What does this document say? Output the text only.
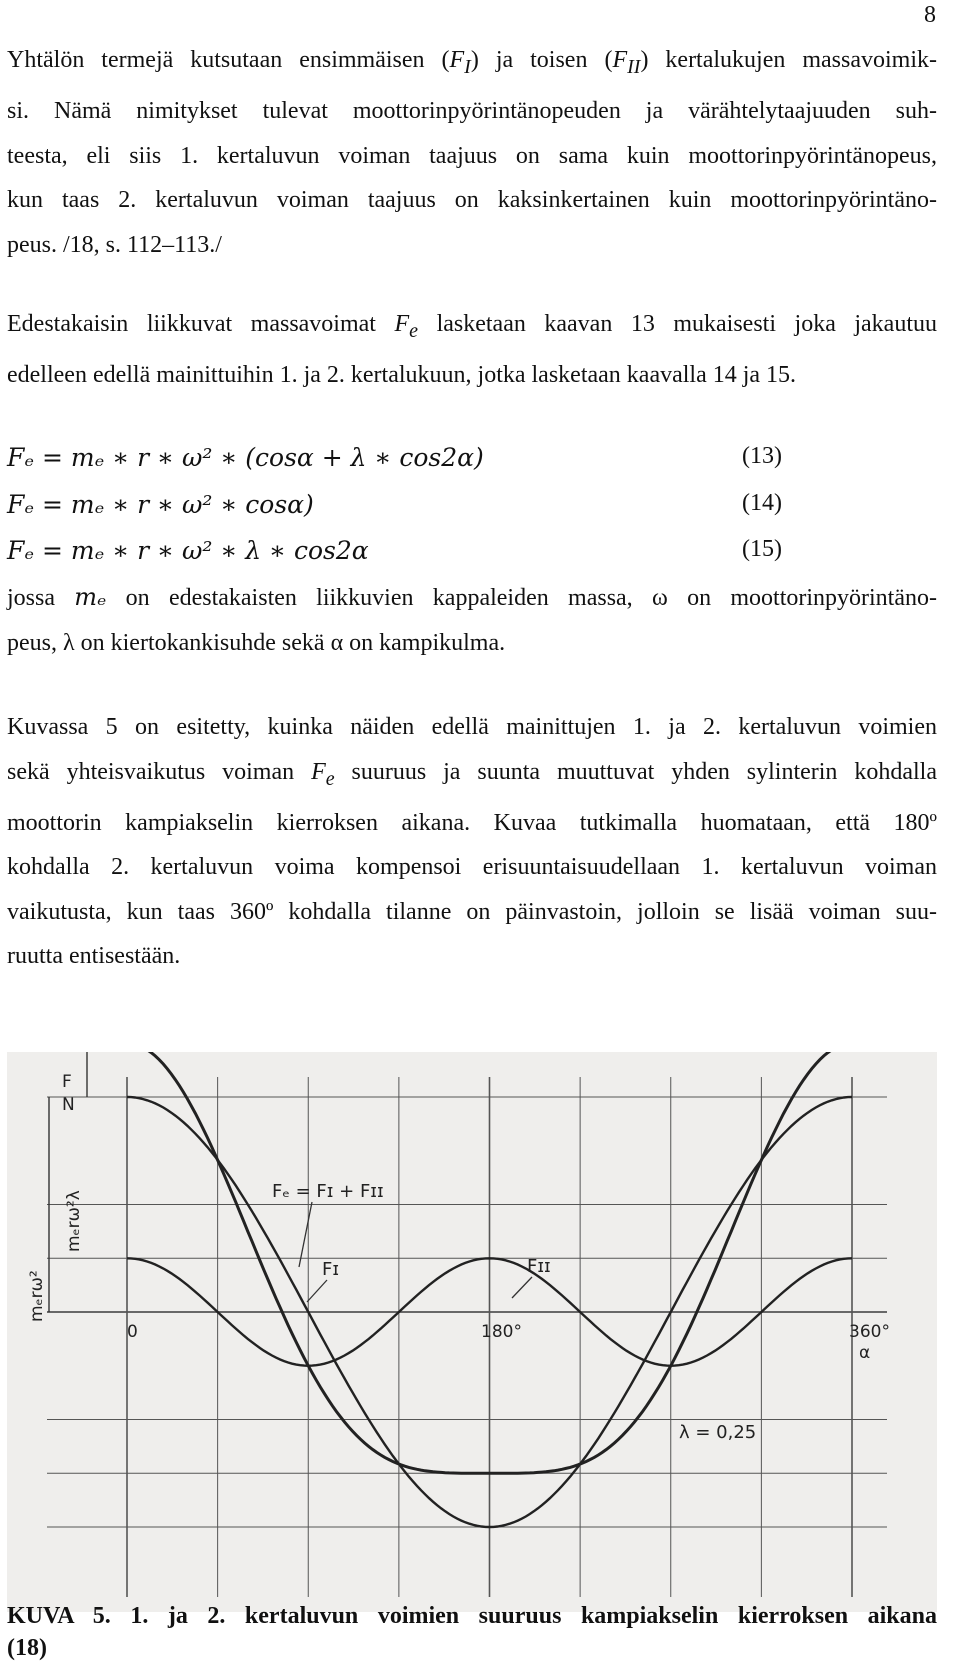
8
Yhtälön termejä kutsutaan ensimmäisen $(F_I)$ ja toisen $(F_{II})$ kertalukujen massavoimik-
si. Nämä nimitykset tulevat moottorinpyörintänopeuden ja värähtelytaajuuden suh-
teesta, eli siis 1. kertaluvun voiman taajuus on sama kuin moottorinpyörintänopeus,
kun taas 2. kertaluvun voiman taajuus on kaksinkertainen kuin moottorinpyörintäno-
peus. /18, s. 112–113./
Edestakaisin liikkuvat massavoimat $F_e$ lasketaan kaavan 13 mukaisesti joka jakautuu
edelleen edellä mainittuihin 1. ja 2. kertalukuun, jotka lasketaan kaavalla 14 ja 15.
Fₑ = mₑ ∗ r ∗ ω² ∗ (cosα + λ ∗ cos2α)	(13)
Fₑ = mₑ ∗ r ∗ ω² ∗ cosα)	(14)
Fₑ = mₑ ∗ r ∗ ω² ∗ λ ∗ cos2α	(15)
jossa mₑ on edestakaisten liikkuvien kappaleiden massa, ω on moottorinpyörintäno-
peus, λ on kiertokankisuhde sekä α on kampikulma.
Kuvassa 5 on esitetty, kuinka näiden edellä mainittujen 1. ja 2. kertaluvun voimien
sekä yhteisvaikutus voiman $F_e$ suuruus ja suunta muuttuvat yhden sylinterin kohdalla
moottorin kampiakselin kierroksen aikana. Kuvaa tutkimalla huomataan, että 180º
kohdalla 2. kertaluvun voima kompensoi erisuuntaisuudellaan 1. kertaluvun voiman
vaikutusta, kun taas 360º kohdalla tilanne on päinvastoin, jolloin se lisää voiman suu-
ruutta entisestään.
F
N
mₑrω²
mₑrω²λ	Fₑ = Fɪ + Fɪɪ
Fɪ	Fɪɪ
0	180°	360°
α
λ = 0,25
KUVA 5. 1. ja 2. kertaluvun voimien suuruus kampiakselin kierroksen aikana
(18)
